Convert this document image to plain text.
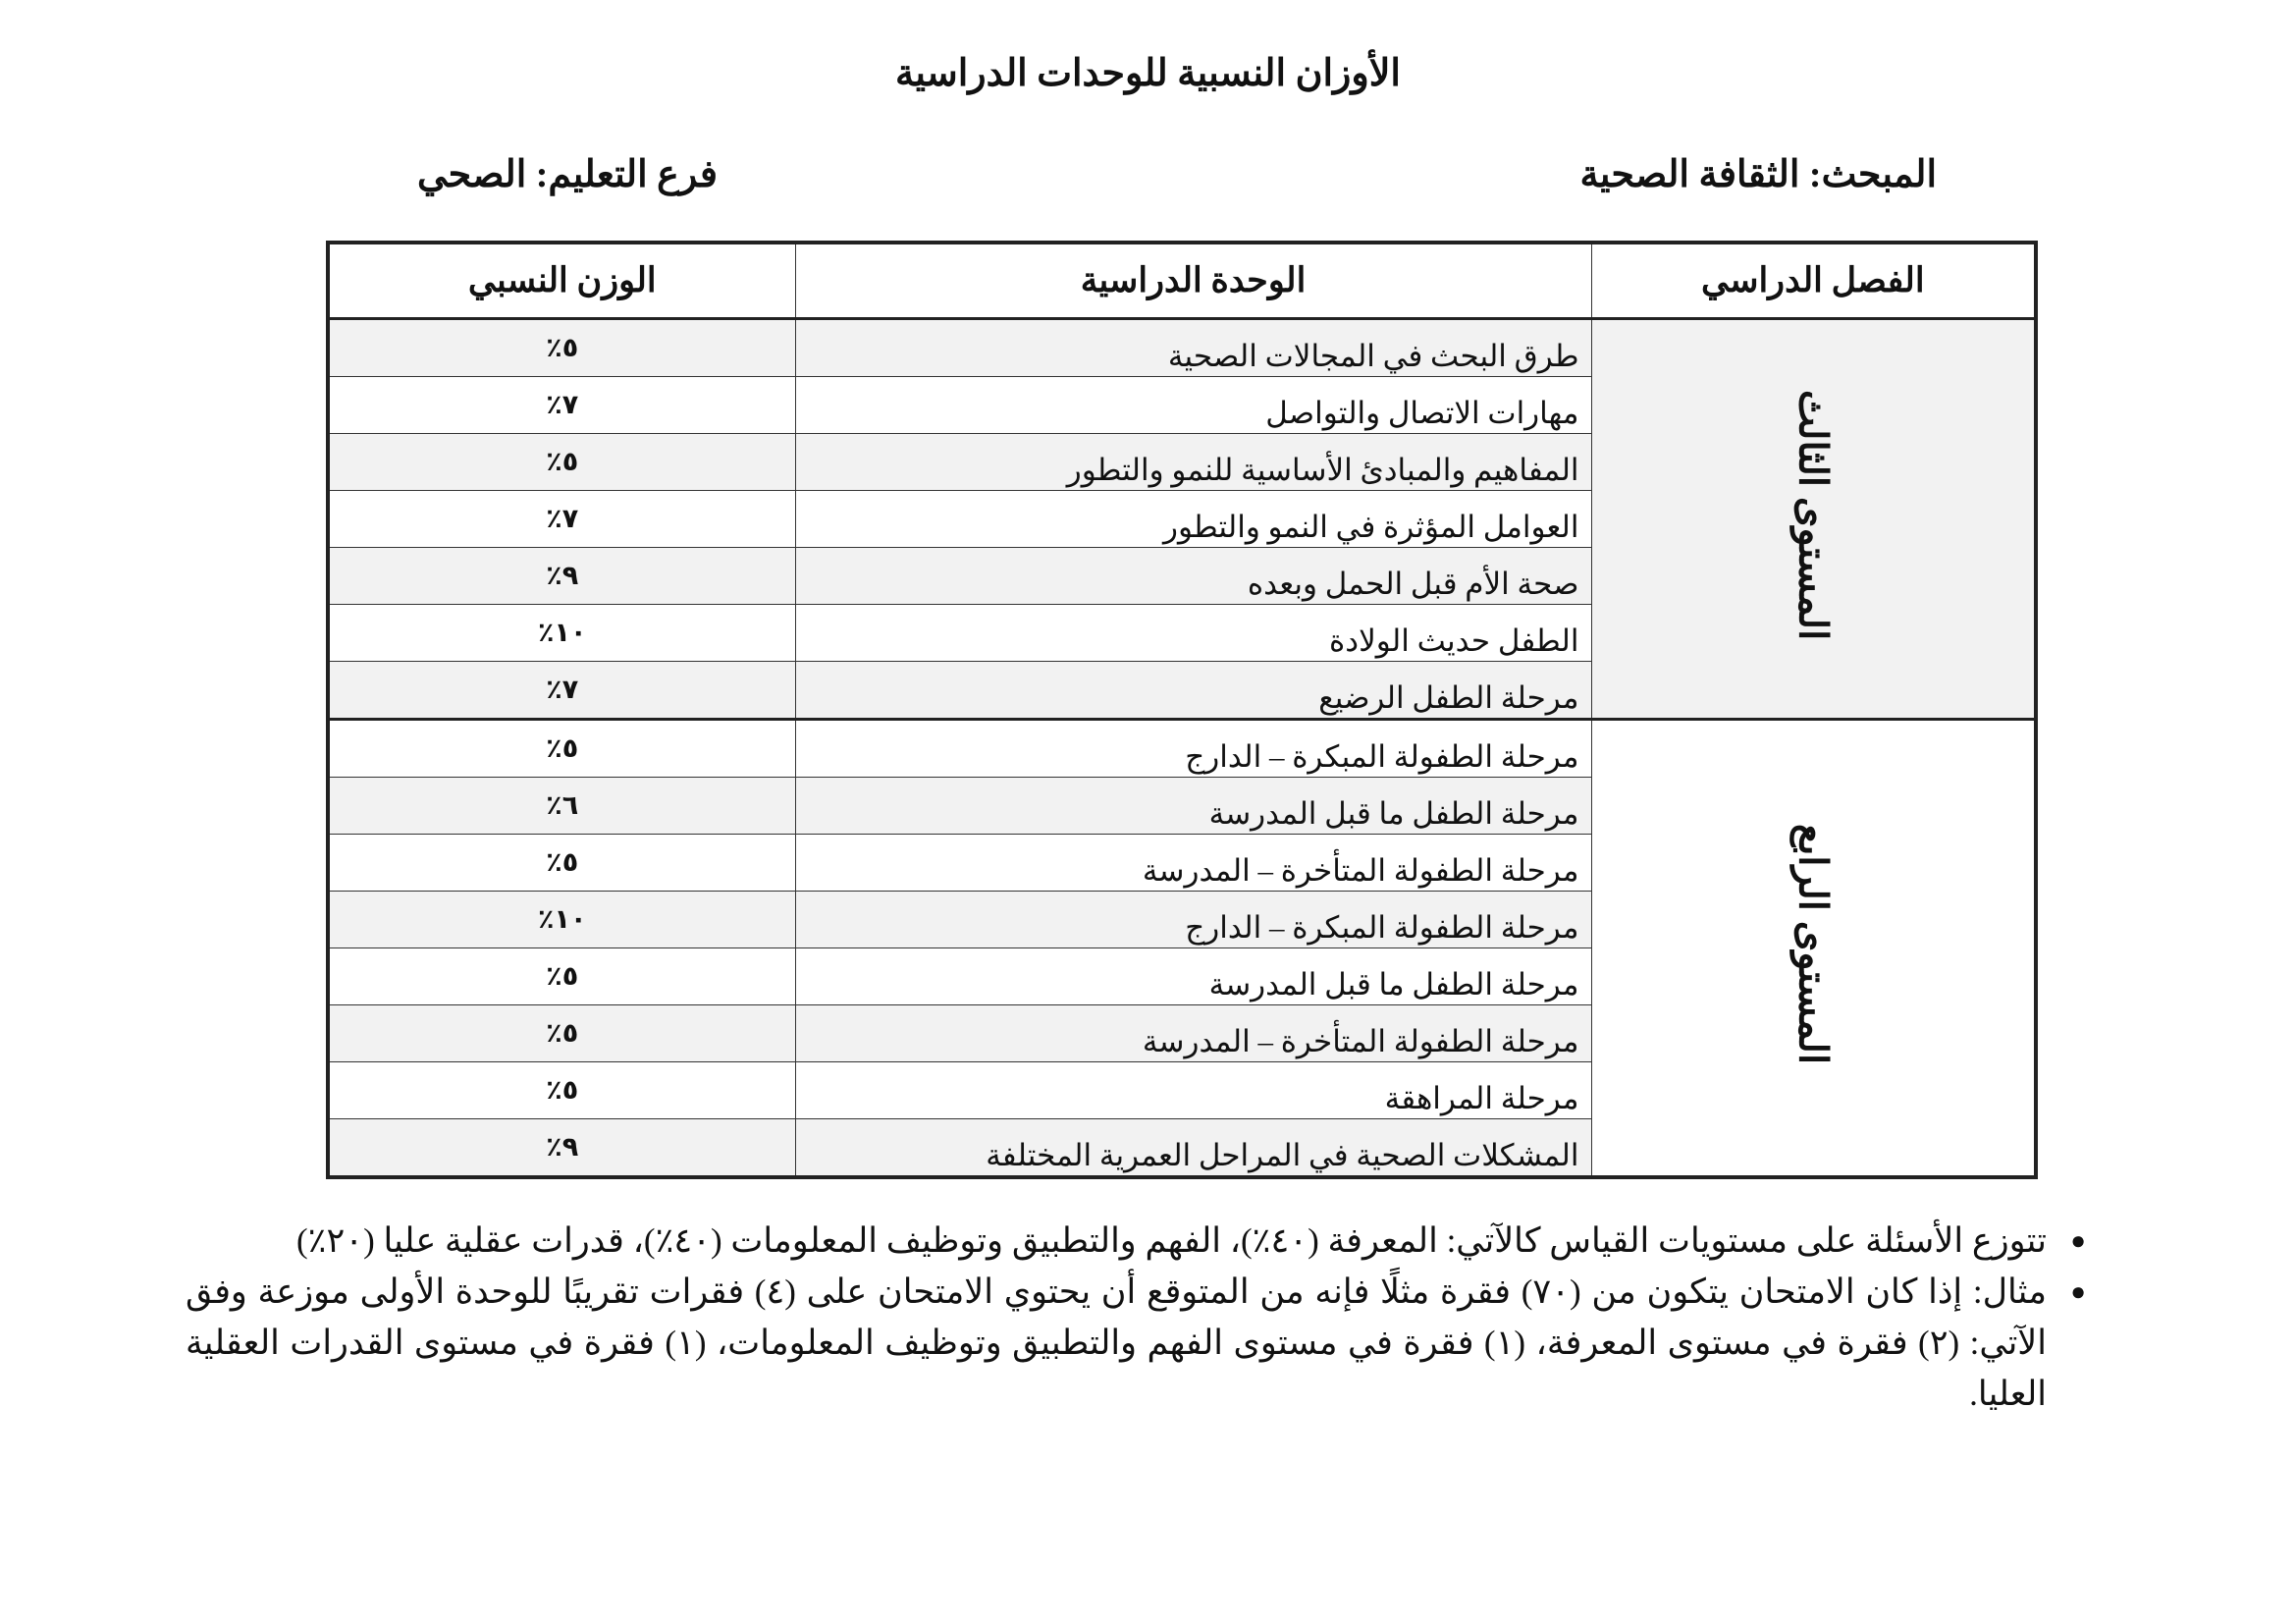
الأوزان النسبية للوحدات الدراسية
المبحث: الثقافة الصحية
فرع التعليم: الصحي
الفصل الدراسي	الوحدة الدراسية	الوزن النسبي
المستوى الثالث	طرق البحث في المجالات الصحية	٥٪
	مهارات الاتصال والتواصل	٧٪
	المفاهيم والمبادئ الأساسية للنمو والتطور	٥٪
	العوامل المؤثرة في النمو والتطور	٧٪
	صحة الأم قبل الحمل وبعده	٩٪
	الطفل حديث الولادة	١٠٪
	مرحلة الطفل الرضيع	٧٪
المستوى الرابع	مرحلة الطفولة المبكرة – الدارج	٥٪
	مرحلة الطفل ما قبل المدرسة	٦٪
	مرحلة الطفولة المتأخرة – المدرسة	٥٪
	مرحلة الطفولة المبكرة – الدارج	١٠٪
	مرحلة الطفل ما قبل المدرسة	٥٪
	مرحلة الطفولة المتأخرة – المدرسة	٥٪
	مرحلة المراهقة	٥٪
	المشكلات الصحية في المراحل العمرية المختلفة	٩٪
●
تتوزع الأسئلة على مستويات القياس كالآتي: المعرفة (٤٠٪)، الفهم والتطبيق وتوظيف المعلومات (٤٠٪)، قدرات عقلية عليا (٢٠٪)
●
مثال: إذا كان الامتحان يتكون من (٧٠) فقرة مثلًا فإنه من المتوقع أن يحتوي الامتحان على (٤) فقرات تقريبًا للوحدة الأولى موزعة وفق الآتي: (٢) فقرة في مستوى المعرفة، (١) فقرة في مستوى الفهم والتطبيق وتوظيف المعلومات، (١) فقرة في مستوى القدرات العقلية العليا.
